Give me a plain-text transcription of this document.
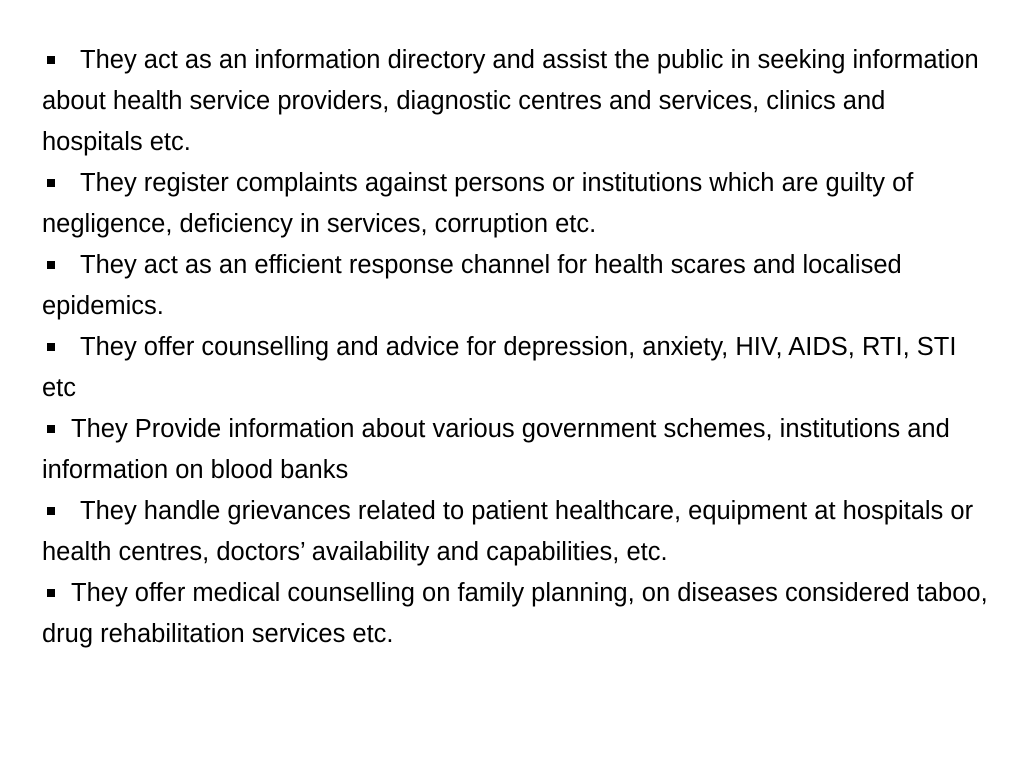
They act as an information directory and assist the public in seeking information about health service providers, diagnostic centres and services, clinics and hospitals etc.

They register complaints against persons or institutions which are guilty of negligence, deficiency in services, corruption etc.

They act as an efficient response channel for health scares and localised epidemics.

They offer counselling and advice for depression, anxiety, HIV, AIDS, RTI, STI etc

They Provide information about various government schemes, institutions and information on blood banks

They handle grievances related to patient healthcare, equipment at hospitals or health centres, doctors’ availability and capabilities, etc.

They offer medical counselling on family planning, on diseases considered taboo, drug rehabilitation services etc.
